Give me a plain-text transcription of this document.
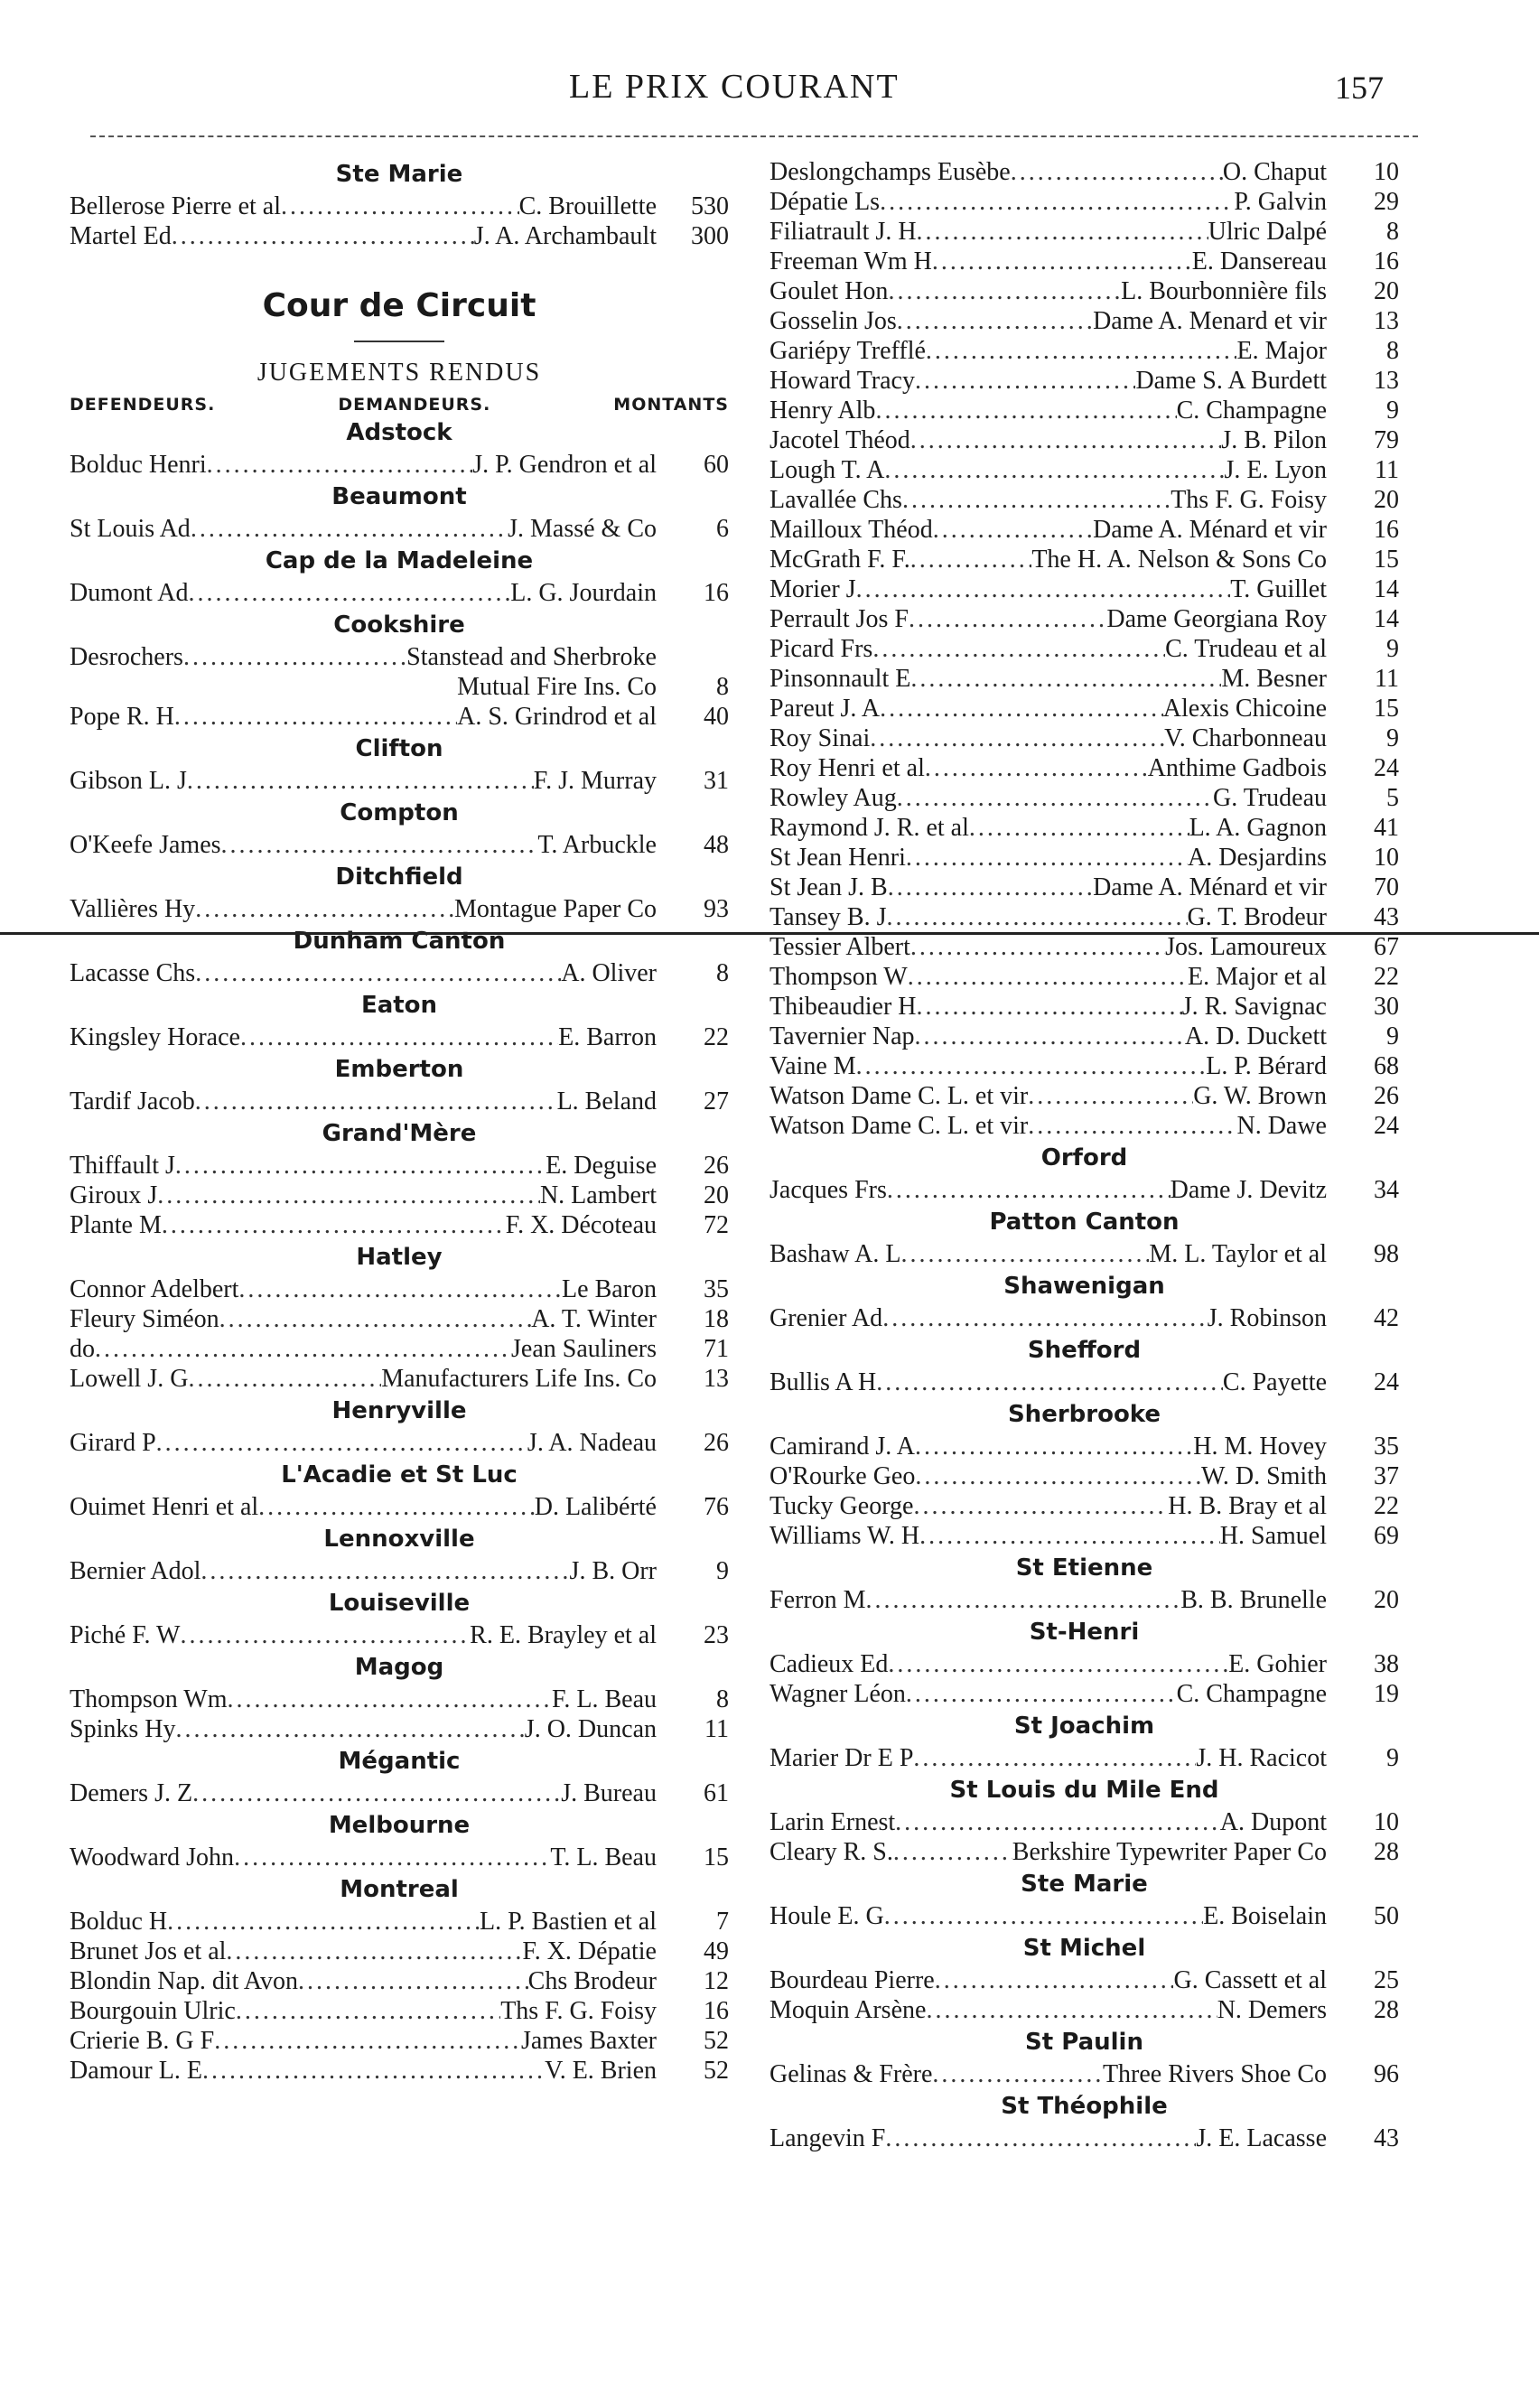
LE PRIX COURANT	157
Ste Marie
Bellerose Pierre et al .....	C. Brouillette	530
Martel Ed .....	J. A. Archambault	300
Cour de Circuit
JUGEMENTS RENDUS
DEFENDEURS.	DEMANDEURS.	MONTANTS
Adstock
Bolduc Henri .....	J. P. Gendron et al	60
Beaumont
St Louis Ad .....	J. Massé & Co	6
Cap de la Madeleine
Dumont Ad .....	L. G. Jourdain	16
Cookshire
Desrochers .....	Stanstead and Sherbroke
Mutual Fire Ins. Co	8
Pope R. H .....	A. S. Grindrod et al	40
Clifton
Gibson L. J .....	F. J. Murray	31
Compton
O'Keefe James .....	T. Arbuckle	48
Ditchfield
Vallières Hy .....	Montague Paper Co	93
Dunham Canton
Lacasse Chs .....	A. Oliver	8
Eaton
Kingsley Horace .....	E. Barron	22
Emberton
Tardif Jacob .....	L. Beland	27
Grand'Mère
Thiffault J .....	E. Deguise	26
Giroux J .....	N. Lambert	20
Plante M .....	F. X. Décoteau	72
Hatley
Connor Adelbert .....	Le Baron	35
Fleury Siméon .....	A. T. Winter	18
do .....	Jean Sauliners	71
Lowell J. G .....	Manufacturers Life Ins. Co	13
Henryville
Girard P .....	J. A. Nadeau	26
L'Acadie et St Luc
Ouimet Henri et al .....	D. Lalibérté	76
Lennoxville
Bernier Adol .....	J. B. Orr	9
Louiseville
Piché F. W .....	R. E. Brayley et al	23
Magog
Thompson Wm .....	F. L. Beau	8
Spinks Hy .....	J. O. Duncan	11
Mégantic
Demers J. Z .....	J. Bureau	61
Melbourne
Woodward John .....	T. L. Beau	15
Montreal
Bolduc H .....	L. P. Bastien et al	7
Brunet Jos et al .....	F. X. Dépatie	49
Blondin Nap. dit Avon .....	Chs Brodeur	12
Bourgouin Ulric .....	Ths F. G. Foisy	16
Crierie B. G F .....	James Baxter	52
Damour L. E .....	V. E. Brien	52
Deslongchamps Eusèbe .....	O. Chaput	10
Dépatie Ls .....	P. Galvin	29
Filiatrault J. H .....	Ulric Dalpé	8
Freeman Wm H .....	E. Dansereau	16
Goulet Hon .....	L. Bourbonnière fils	20
Gosselin Jos .....	Dame A. Menard et vir	13
Gariépy Trefflé .....	E. Major	8
Howard Tracy .....	Dame S. A Burdett	13
Henry Alb .....	C. Champagne	9
Jacotel Théod .....	J. B. Pilon	79
Lough T. A .....	J. E. Lyon	11
Lavallée Chs .....	Ths F. G. Foisy	20
Mailloux Théod .....	Dame A. Ménard et vir	16
McGrath F. F. .....	The H. A. Nelson & Sons Co	15
Morier J .....	T. Guillet	14
Perrault Jos F .....	Dame Georgiana Roy	14
Picard Frs .....	C. Trudeau et al	9
Pinsonnault E .....	M. Besner	11
Pareut J. A .....	Alexis Chicoine	15
Roy Sinai .....	V. Charbonneau	9
Roy Henri et al .....	Anthime Gadbois	24
Rowley Aug .....	G. Trudeau	5
Raymond J. R. et al .....	L. A. Gagnon	41
St Jean Henri .....	A. Desjardins	10
St Jean J. B .....	Dame A. Ménard et vir	70
Tansey B. J .....	G. T. Brodeur	43
Tessier Albert .....	Jos. Lamoureux	67
Thompson W .....	E. Major et al	22
Thibeaudier H .....	J. R. Savignac	30
Tavernier Nap .....	A. D. Duckett	9
Vaine M .....	L. P. Bérard	68
Watson Dame C. L. et vir .....	G. W. Brown	26
Watson Dame C. L. et vir .....	N. Dawe	24
Orford
Jacques Frs .....	Dame J. Devitz	34
Patton Canton
Bashaw A. L .....	M. L. Taylor et al	98
Shawenigan
Grenier Ad .....	J. Robinson	42
Shefford
Bullis A H .....	C. Payette	24
Sherbrooke
Camirand J. A .....	H. M. Hovey	35
O'Rourke Geo .....	W. D. Smith	37
Tucky George .....	H. B. Bray et al	22
Williams W. H .....	H. Samuel	69
St Etienne
Ferron M .....	B. B. Brunelle	20
St-Henri
Cadieux Ed .....	E. Gohier	38
Wagner Léon .....	C. Champagne	19
St Joachim
Marier Dr E P .....	J. H. Racicot	9
St Louis du Mile End
Larin Ernest .....	A. Dupont	10
Cleary R. S. .....	Berkshire Typewriter Paper Co	28
Ste Marie
Houle E. G .....	E. Boiselain	50
St Michel
Bourdeau Pierre .....	G. Cassett et al	25
Moquin Arsène .....	N. Demers	28
St Paulin
Gelinas & Frère .....	Three Rivers Shoe Co	96
St Théophile
Langevin F .....	J. E. Lacasse	43
